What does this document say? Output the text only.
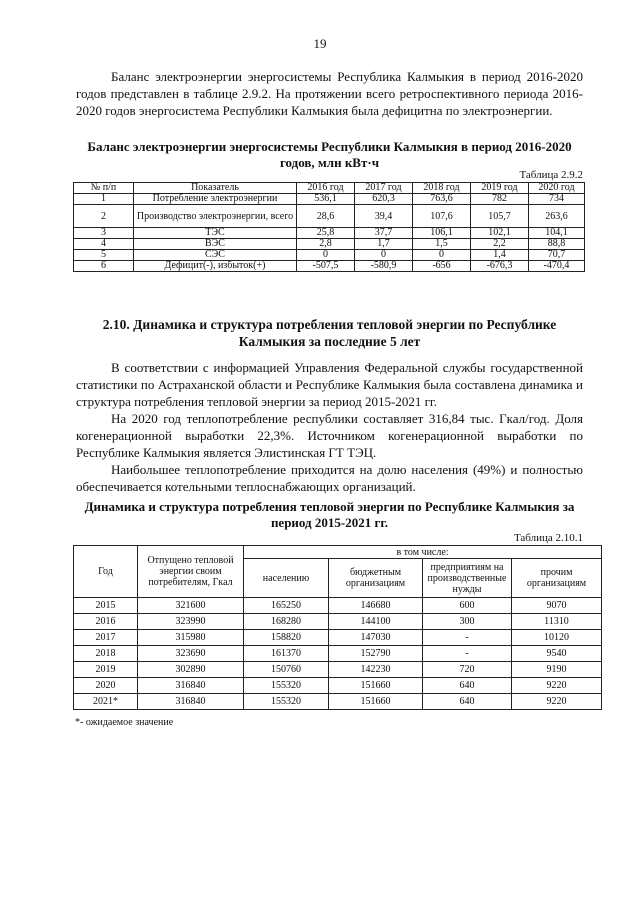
19

Баланс электроэнергии энергосистемы Республика Калмыкия в период 2016-2020 годов представлен в таблице 2.9.2. На протяжении всего ретроспективного периода 2016-2020 годов энергосистема Республики Калмыкия была дефицитна по электроэнергии.

Баланс электроэнергии энергосистемы Республики Калмыкия в период 2016-2020 годов, млн кВт·ч
Таблица 2.9.2
№ п/п	Показатель	2016 год	2017 год	2018 год	2019 год	2020 год
1	Потребление электроэнергии	536,1	620,3	763,6	782	734
2	Производство электроэнергии, всего	28,6	39,4	107,6	105,7	263,6
3	ТЭС	25,8	37,7	106,1	102,1	104,1
4	ВЭС	2,8	1,7	1,5	2,2	88,8
5	СЭС	0	0	0	1,4	70,7
6	Дефицит(-), избыток(+)	-507,5	-580,9	-656	-676,3	-470,4
2.10. Динамика и структура потребления тепловой энергии по Республике Калмыкия за последние 5 лет

В соответствии с информацией Управления Федеральной службы государственной статистики по Астраханской области и Республике Калмыкия была составлена динамика и структура потребления тепловой энергии за период 2015-2021 гг.

На 2020 год теплопотребление республики составляет 316,84 тыс. Гкал/год. Доля когенерационной выработки 22,3%. Источником когенерационной выработки по Республике Калмыкия является Элистинская ГТ ТЭЦ.

Наибольшее теплопотребление приходится на долю населения (49%) и полностью обеспечивается котельными теплоснабжающих организаций.

Динамика и структура потребления тепловой энергии по Республике Калмыкия за период 2015-2021 гг.
Таблица 2.10.1
Год	Отпущено тепловой энергии своим потребителям, Гкал	в том числе:			
		населению	бюджетным организациям	предприятиям на производственные нужды	прочим организациям
2015	321600	165250	146680	600	9070
2016	323990	168280	144100	300	11310
2017	315980	158820	147030	-	10120
2018	323690	161370	152790	-	9540
2019	302890	150760	142230	720	9190
2020	316840	155320	151660	640	9220
2021*	316840	155320	151660	640	9220
*- ожидаемое значение
